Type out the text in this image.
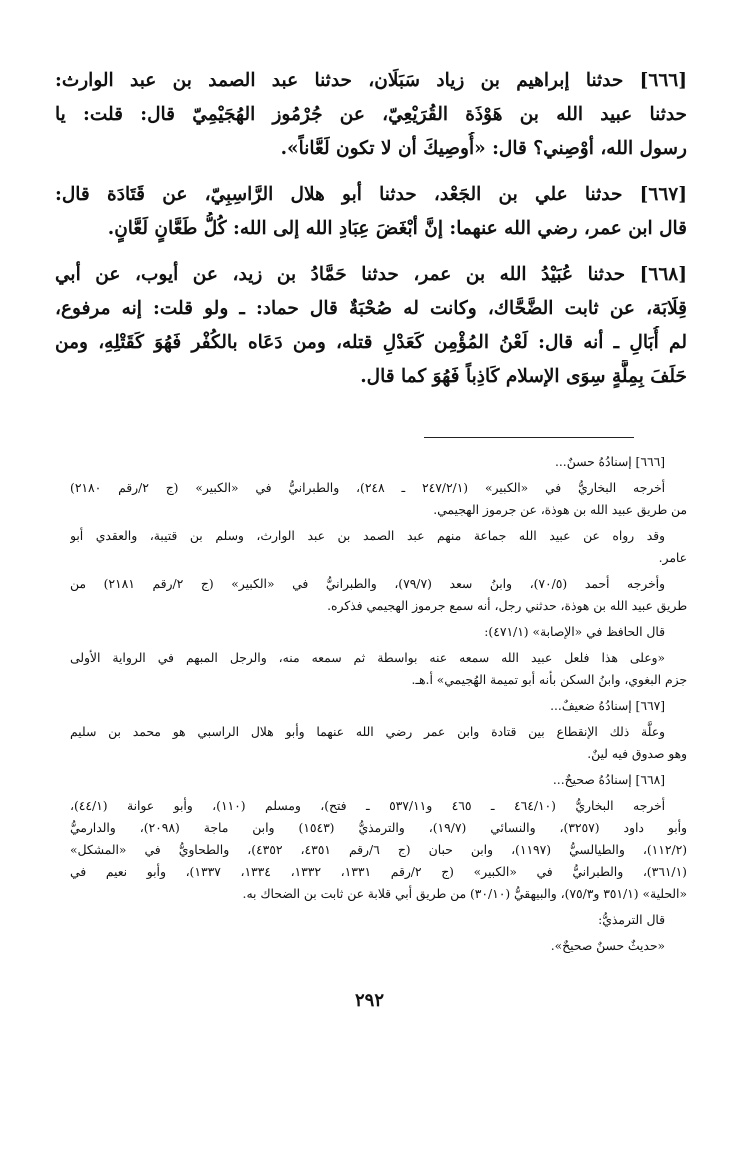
[٦٦٦] حدثنا إبراهيم بن زياد سَبَلَان، حدثنا عبد الصمد بن عبد الوارث:
حدثنا عبيد الله بن هَوْذَة القُرَيْعِيّ، عن جُرْمُوز الهُجَيْمِيّ قال: قلت: يا
رسول الله، أوْصِني؟ قال: «أُوصِيكَ أن لا تكون لَعَّاناً».
[٦٦٧] حدثنا علي بن الجَعْد، حدثنا أبو هلال الرَّاسِبِيّ، عن قَتَادَة قال:
قال ابن عمر، رضي الله عنهما: إنَّ أبْغَضَ عِبَادِ الله إلى الله: كُلُّ طَعَّانٍ لَعَّانٍ.
[٦٦٨] حدثنا عُبَيْدُ الله بن عمر، حدثنا حَمَّادُ بن زيد، عن أيوب، عن أبي
قِلَابَة، عن ثابت الضَّحَّاك، وكانت له صُحْبَةٌ قال حماد: ـ ولو قلت: إنه مرفوع،
لم أُبَالِ ـ أنه قال: لَعْنُ المُؤْمِن كَعَدْلِ قتله، ومن دَعَاه بالكُفْر فَهُوَ كَقَتْلِهِ، ومن
حَلَفَ بِمِلَّةٍ سِوَى الإسلام كَاذِباً فَهُوَ كما قال.
[٦٦٦] إسنادُهُ حسنٌ...
أخرجه البخاريُّ في «الكبير» (٢٤٧/٢/١ ـ ٢٤٨)، والطبرانيُّ في «الكبير» (ج ٢/رقم ٢١٨٠)
من طريق عبيد الله بن هوذة، عن جرموز الهجيمي.
وقد رواه عن عبيد الله جماعة منهم عبد الصمد بن عبد الوارث، وسلم بن قتيبة، والعقدي أبو
عامر.
وأخرجه أحمد (٧٠/٥)، وابنُ سعد (٧٩/٧)، والطبرانيُّ في «الكبير» (ج ٢/رقم ٢١٨١) من
طريق عبيد الله بن هوذة، حدثني رجل، أنه سمع جرموز الهجيمي فذكره.
قال الحافظ في «الإصابة» (٤٧١/١):
«وعلى هذا فلعل عبيد الله سمعه عنه بواسطة ثم سمعه منه، والرجل المبهم في الرواية الأولى
جزم البغوي، وابنُ السكن بأنه أبو تميمة الهُجيمي» أ.هـ.
[٦٦٧] إسنادُهُ ضعيفٌ...
وعلَّة ذلك الإنقطاع بين قتادة وابن عمر رضي الله عنهما وأبو هلال الراسبي هو محمد بن سليم
وهو صدوق فيه لينٌ.
[٦٦٨] إسنادُهُ صحيحٌ...
أخرجه البخاريُّ (٤٦٤/١٠ ـ ٤٦٥ و٥٣٧/١١ ـ فتح)، ومسلم (١١٠)، وأبو عوانة (٤٤/١)،
وأبو داود (٣٢٥٧)، والنسائي (١٩/٧)، والترمذيُّ (١٥٤٣) وابن ماجة (٢٠٩٨)، والدارميُّ
(١١٢/٢)، والطيالسيُّ (١١٩٧)، وابن حبان (ج ٦/رقم ٤٣٥١، ٤٣٥٢)، والطحاويُّ في «المشكل»
(٣٦١/١)، والطبرانيُّ في «الكبير» (ج ٢/رقم ١٣٣١، ١٣٣٢، ١٣٣٤، ١٣٣٧)، وأبو نعيم في
«الحلية» (٣٥١/١ و٧٥/٣)، والبيهقيُّ (٣٠/١٠) من طريق أبي قلابة عن ثابت بن الضحاك به.
قال الترمذيُّ:
«حديثٌ حسنٌ صحيحٌ».
٢٩٢
